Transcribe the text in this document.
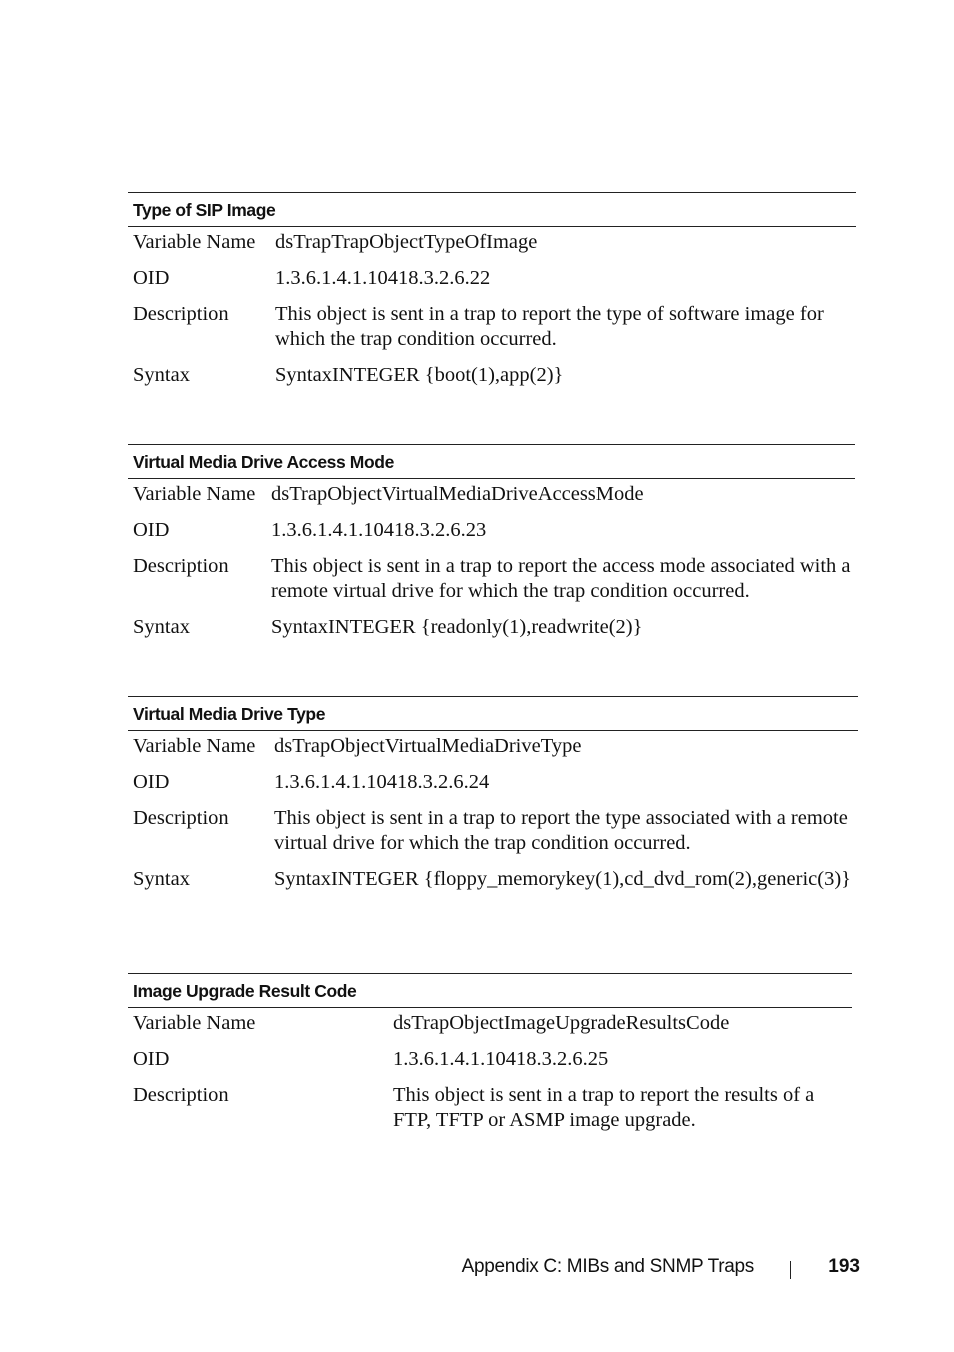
Type of SIP Image
Variable Name dsTrapTrapObjectTypeOfImage
OID	1.3.6.1.4.1.10418.3.2.6.22
Description	This object is sent in a trap to report the type of software image for which the trap condition occurred.
Syntax	SyntaxINTEGER {boot(1),app(2)}
Virtual Media Drive Access Mode
Variable Name dsTrapObjectVirtualMediaDriveAccessMode
OID	1.3.6.1.4.1.10418.3.2.6.23
Description	This object is sent in a trap to report the access mode associated with a remote virtual drive for which the trap condition occurred.
Syntax	SyntaxINTEGER {readonly(1),readwrite(2)}
Virtual Media Drive Type
Variable Name dsTrapObjectVirtualMediaDriveType
OID	1.3.6.1.4.1.10418.3.2.6.24
Description	This object is sent in a trap to report the type associated with a remote virtual drive for which the trap condition occurred.
Syntax	SyntaxINTEGER {floppy_memorykey(1),cd_dvd_rom(2),generic(3)}
Image Upgrade Result Code
Variable Name	dsTrapObjectImageUpgradeResultsCode
OID	1.3.6.1.4.1.10418.3.2.6.25
Description	This object is sent in a trap to report the results of a FTP, TFTP or ASMP image upgrade.
Appendix C: MIBs and SNMP Traps	193
